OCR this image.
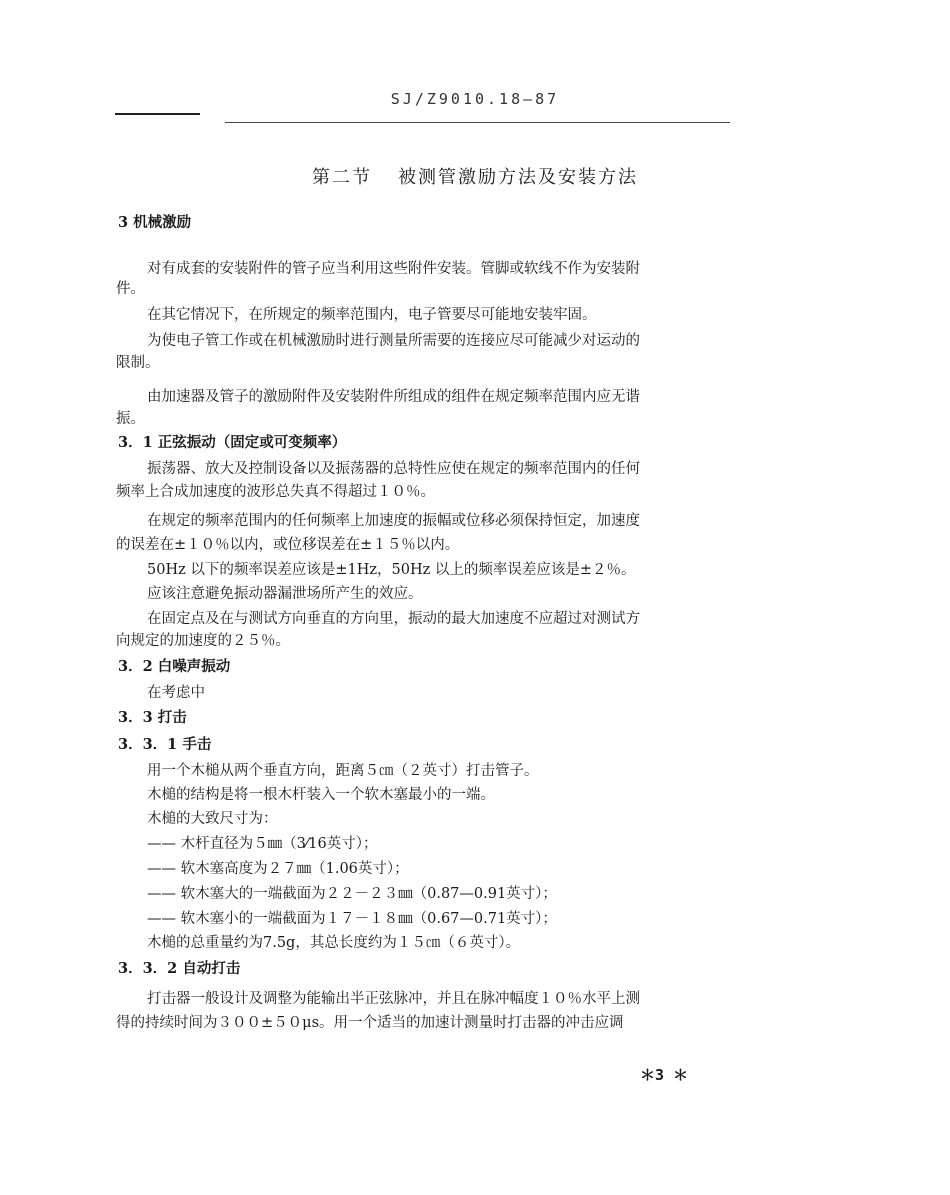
SJ/Z9010.18—87
第二节 被测管激励方法及安装方法
3 机械激励
对有成套的安装附件的管子应当利用这些附件安装。管脚或软线不作为安装附
件。
在其它情况下，在所规定的频率范围内，电子管要尽可能地安装牢固。
为使电子管工作或在机械激励时进行测量所需要的连接应尽可能减少对运动的
限制。
由加速器及管子的激励附件及安装附件所组成的组件在规定频率范围内应无谐
振。
3．1 正弦振动（固定或可变频率）
振荡器、放大及控制设备以及振荡器的总特性应使在规定的频率范围内的任何
频率上合成加速度的波形总失真不得超过１０％。
在规定的频率范围内的任何频率上加速度的振幅或位移必须保持恒定，加速度
的误差在±１０％以内，或位移误差在±１５％以内。
50Hz 以下的频率误差应该是±1Hz，50Hz 以上的频率误差应该是±２％。
应该注意避免振动器漏泄场所产生的效应。
在固定点及在与测试方向垂直的方向里，振动的最大加速度不应超过对测试方
向规定的加速度的２５％。
3．2 白噪声振动
在考虑中
3．3 打击
3．3．1 手击
用一个木槌从两个垂直方向，距离５㎝（２英寸）打击管子。
木槌的结构是将一根木杆装入一个软木塞最小的一端。
木槌的大致尺寸为：
—— 木杆直径为５㎜（3⁄16英寸）；
—— 软木塞高度为２７㎜（1.06英寸）；
—— 软木塞大的一端截面为２２－２３㎜（0.87—0.91英寸）；
—— 软木塞小的一端截面为１７－１８㎜（0.67—0.71英寸）；
木槌的总重量约为7.5g，其总长度约为１５㎝（６英寸）。
3．3．2 自动打击
打击器一般设计及调整为能输出半正弦脉冲，并且在脉冲幅度１０％水平上测
得的持续时间为３００±５０μs。用一个适当的加速计测量时打击器的冲击应调
＊3 ＊
